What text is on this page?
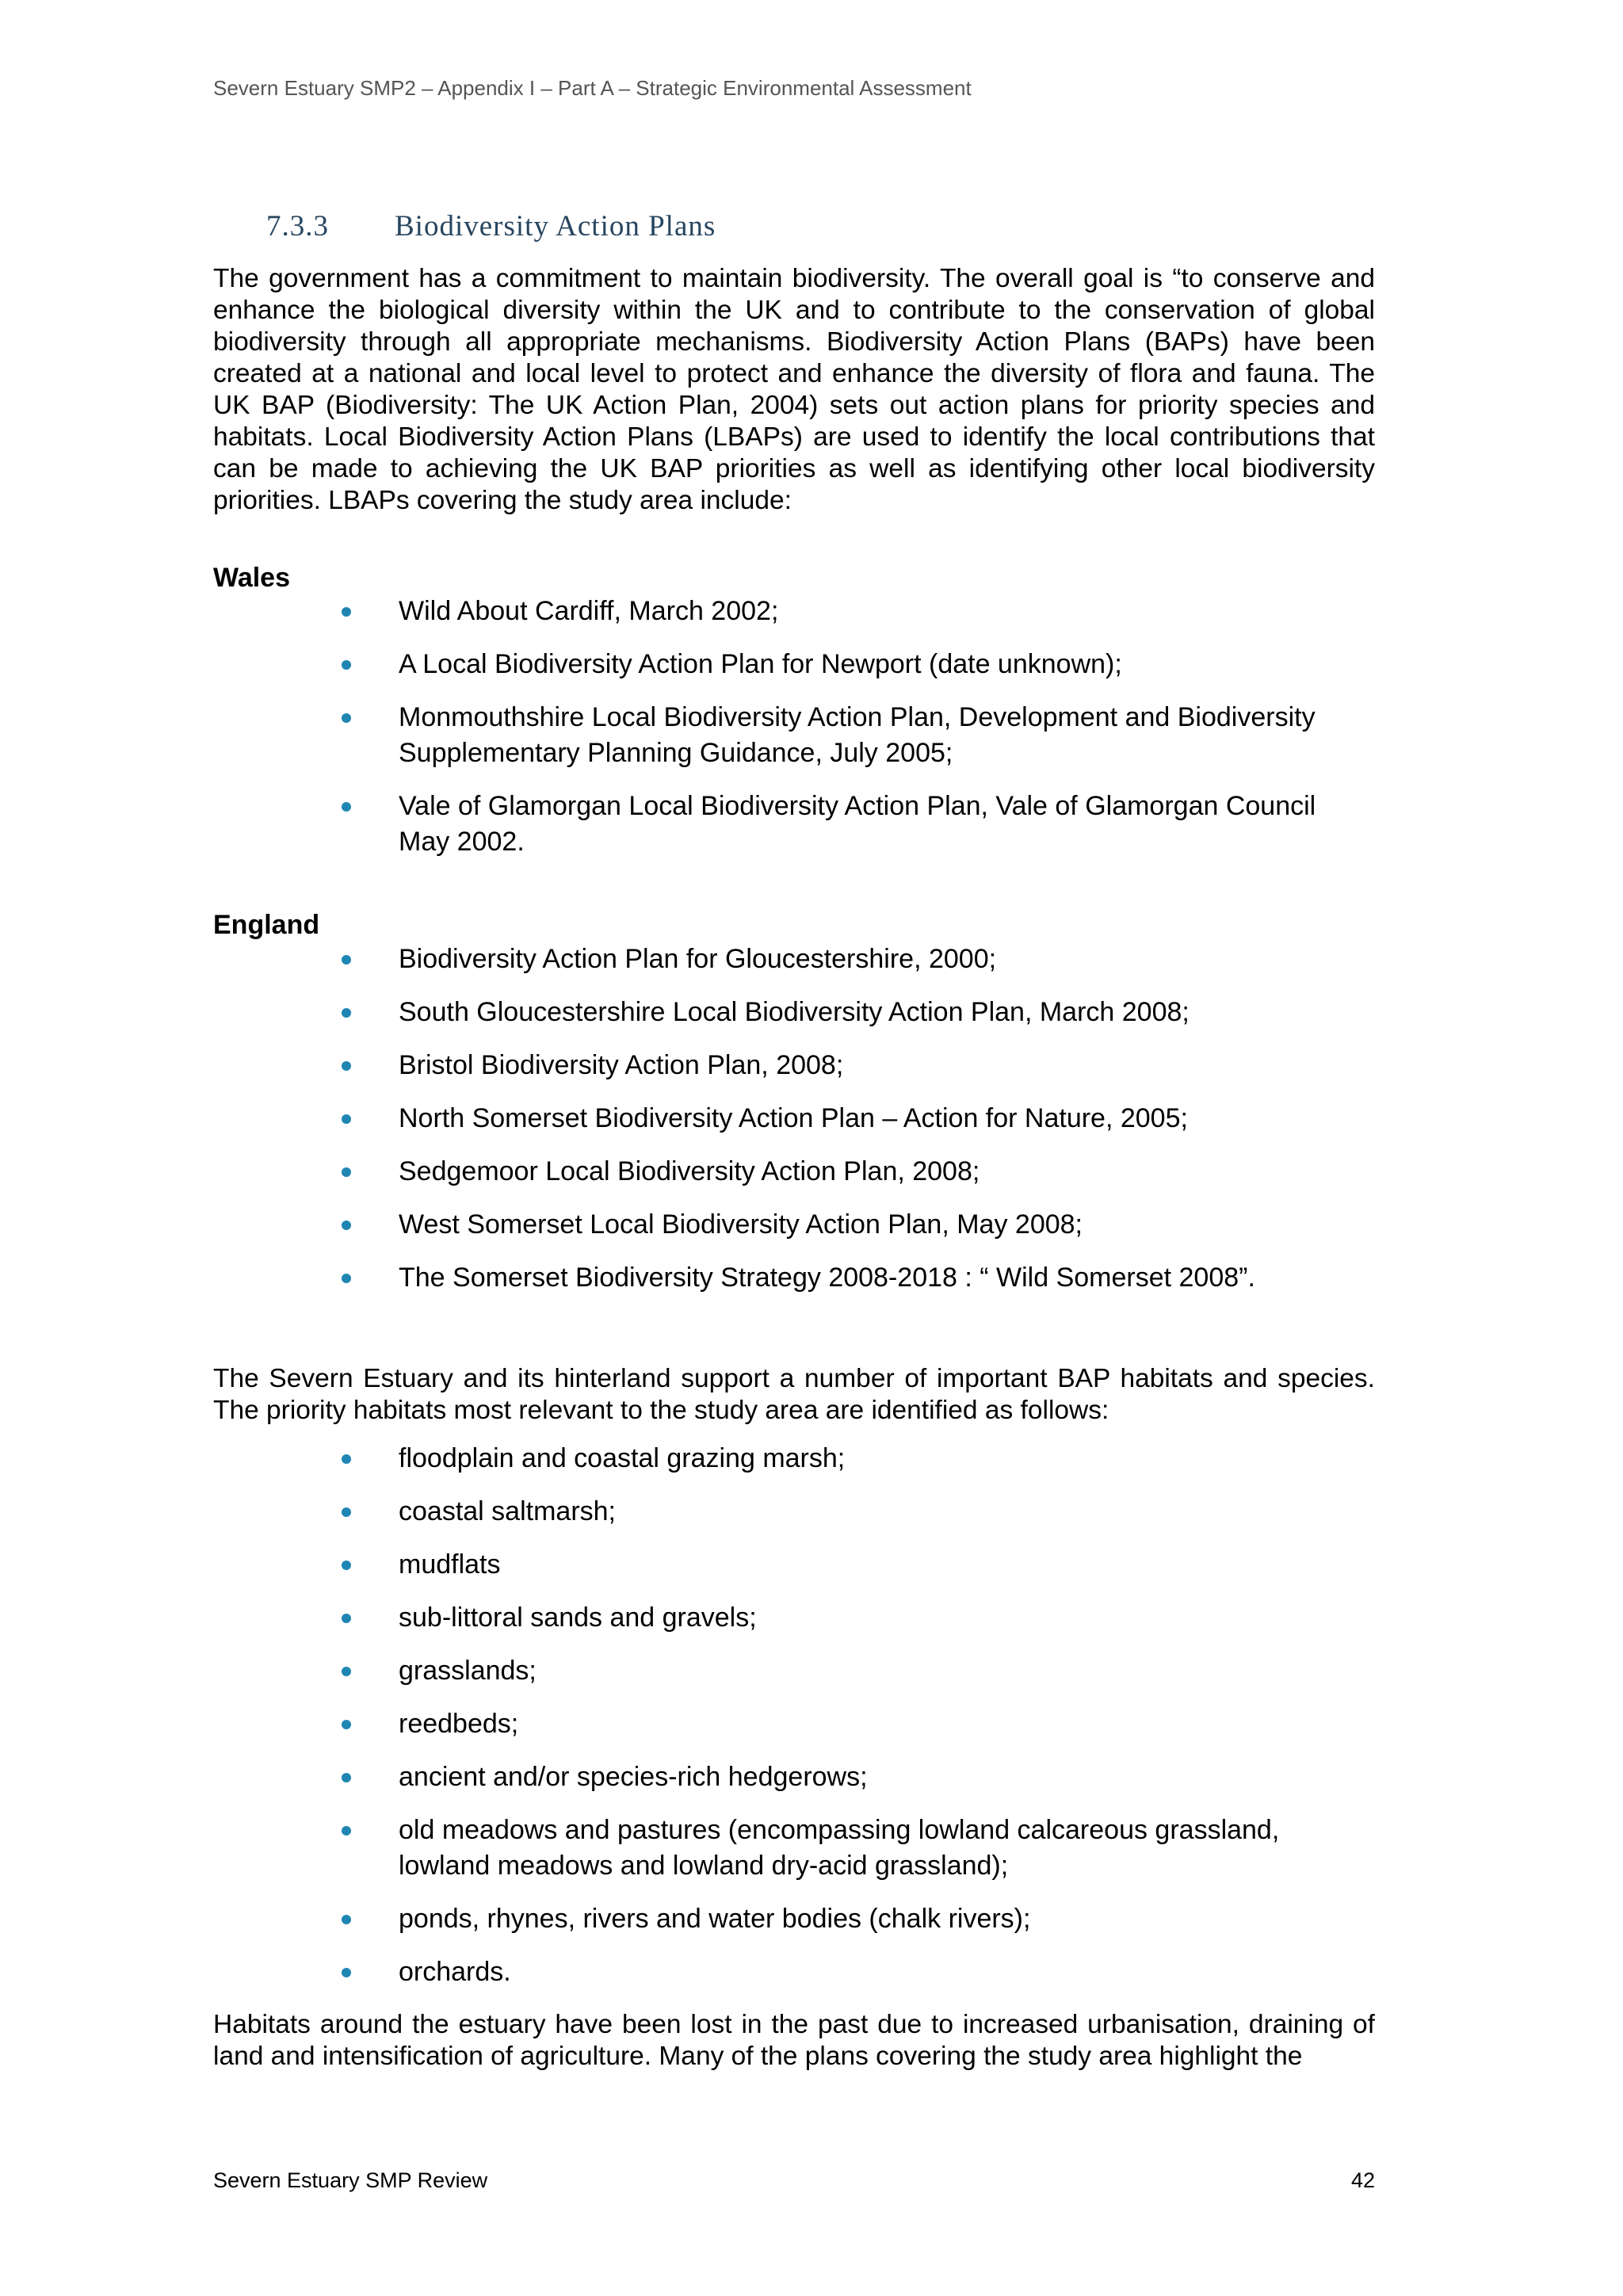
Severn Estuary SMP2 – Appendix I – Part A – Strategic Environmental Assessment

7.3.3 Biodiversity Action Plans

The government has a commitment to maintain biodiversity. The overall goal is “to conserve and enhance the biological diversity within the UK and to contribute to the conservation of global biodiversity through all appropriate mechanisms. Biodiversity Action Plans (BAPs) have been created at a national and local level to protect and enhance the diversity of flora and fauna. The UK BAP (Biodiversity: The UK Action Plan, 2004) sets out action plans for priority species and habitats. Local Biodiversity Action Plans (LBAPs) are used to identify the local contributions that can be made to achieving the UK BAP priorities as well as identifying other local biodiversity priorities. LBAPs covering the study area include:

Wales
Wild About Cardiff, March 2002;
A Local Biodiversity Action Plan for Newport (date unknown);
Monmouthshire Local Biodiversity Action Plan, Development and Biodiversity Supplementary Planning Guidance, July 2005;
Vale of Glamorgan Local Biodiversity Action Plan, Vale of Glamorgan Council May 2002.
England
Biodiversity Action Plan for Gloucestershire, 2000;
South Gloucestershire Local Biodiversity Action Plan, March 2008;
Bristol Biodiversity Action Plan, 2008;
North Somerset Biodiversity Action Plan – Action for Nature, 2005;
Sedgemoor Local Biodiversity Action Plan, 2008;
West Somerset Local Biodiversity Action Plan, May 2008;
The Somerset Biodiversity Strategy 2008-2018 : “ Wild Somerset 2008”.

The Severn Estuary and its hinterland support a number of important BAP habitats and species. The priority habitats most relevant to the study area are identified as follows:

floodplain and coastal grazing marsh;
coastal saltmarsh;
mudflats
sub-littoral sands and gravels;
grasslands;
reedbeds;
ancient and/or species-rich hedgerows;
old meadows and pastures (encompassing lowland calcareous grassland, lowland meadows and lowland dry-acid grassland);
ponds, rhynes, rivers and water bodies (chalk rivers);
orchards.

Habitats around the estuary have been lost in the past due to increased urbanisation, draining of land and intensification of agriculture. Many of the plans covering the study area highlight the

Severn Estuary SMP Review	42
